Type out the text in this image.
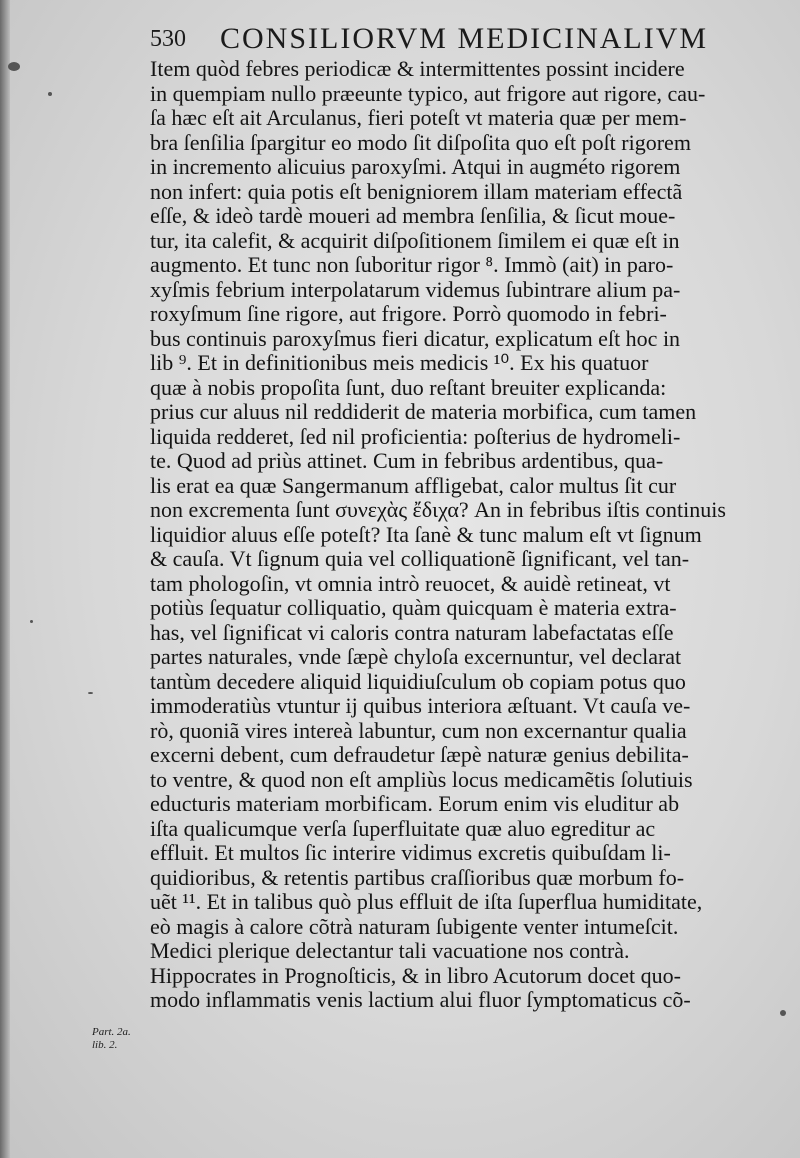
530 CONSILIORVM MEDICINALIVM
Part. 2a.
lib. 2.
Item quòd febres periodicæ & intermittentes possint incidere
in quempiam nullo præeunte typico, aut frigore aut rigore, cau-
ſa hæc eſt ait Arculanus, fieri poteſt vt materia quæ per mem-
bra ſenſilia ſpargitur eo modo ſit diſpoſita quo eſt poſt rigorem
in incremento alicuius paroxyſmi. Atqui in augméto rigorem
non infert: quia potis eſt benigniorem illam materiam effectã
eſſe, & ideò tardè moueri ad membra ſenſilia, & ſicut moue-
tur, ita calefit, & acquirit diſpoſitionem ſimilem ei quæ eſt in
augmento. Et tunc non ſuboritur rigor ⁸. Immò (ait) in paro-
xyſmis febrium interpolatarum videmus ſubintrare alium pa-
roxyſmum ſine rigore, aut frigore. Porrò quomodo in febri-
bus continuis paroxyſmus fieri dicatur, explicatum eſt hoc in
lib ⁹. Et in definitionibus meis medicis ¹⁰. Ex his quatuor
quæ à nobis propoſita ſunt, duo reſtant breuiter explicanda:
prius cur aluus nil reddiderit de materia morbifica, cum tamen
liquida redderet, ſed nil proficientia: poſterius de hydromeli-
te. Quod ad priùs attinet. Cum in febribus ardentibus, qua-
lis erat ea quæ Sangermanum affligebat, calor multus ſit cur
non excrementa ſunt συνεχὰς ἔδιχα? An in febribus iſtis continuis
liquidior aluus eſſe poteſt? Ita ſanè & tunc malum eſt vt ſignum
& cauſa. Vt ſignum quia vel colliquationẽ ſignificant, vel tan-
tam phologoſin, vt omnia intrò reuocet, & auidè retineat, vt
potiùs ſequatur colliquatio, quàm quicquam è materia extra-
has, vel ſignificat vi caloris contra naturam labefactatas eſſe
partes naturales, vnde ſæpè chyloſa excernuntur, vel declarat
tantùm decedere aliquid liquidiuſculum ob copiam potus quo
immoderatiùs vtuntur ij quibus interiora æſtuant. Vt cauſa ve-
rò, quoniã vires intereà labuntur, cum non excernantur qualia
excerni debent, cum defraudetur ſæpè naturæ genius debilita-
to ventre, & quod non eſt ampliùs locus medicamẽtis ſolutiuis
educturis materiam morbificam. Eorum enim vis eluditur ab
iſta qualicumque verſa ſuperfluitate quæ aluo egreditur ac
effluit. Et multos ſic interire vidimus excretis quibuſdam li-
quidioribus, & retentis partibus craſſioribus quæ morbum fo-
uẽt ¹¹. Et in talibus quò plus effluit de iſta ſuperflua humiditate,
eò magis à calore cõtrà naturam ſubigente venter intumeſcit.
Medici plerique delectantur tali vacuatione nos contrà.
Hippocrates in Prognoſticis, & in libro Acutorum docet quo-
modo inflammatis venis lactium alui fluor ſymptomaticus cõ-
